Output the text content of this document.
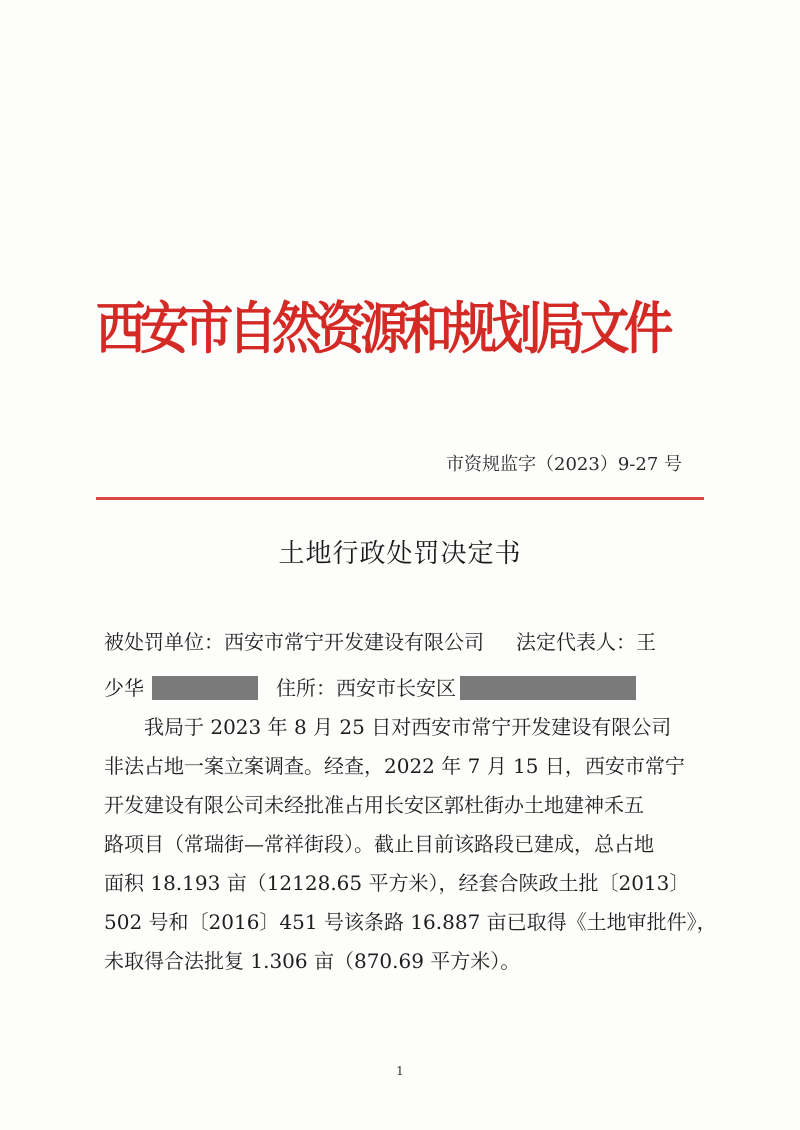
西安市自然资源和规划局文件
市资规监字（2023）9-27 号
土地行政处罚决定书
被处罚单位：西安市常宁开发建设有限公司 法定代表人：王
少华	住所：西安市长安区
我局于 2023 年 8 月 25 日对西安市常宁开发建设有限公司
非法占地一案立案调查。经查，2022 年 7 月 15 日，西安市常宁
开发建设有限公司未经批准占用长安区郭杜街办土地建神禾五
路项目（常瑞街—常祥街段）。截止目前该路段已建成，总占地
面积 18.193 亩（12128.65 平方米），经套合陕政土批〔2013〕
502 号和〔2016〕451 号该条路 16.887 亩已取得《土地审批件》，
未取得合法批复 1.306 亩（870.69 平方米）。
1
